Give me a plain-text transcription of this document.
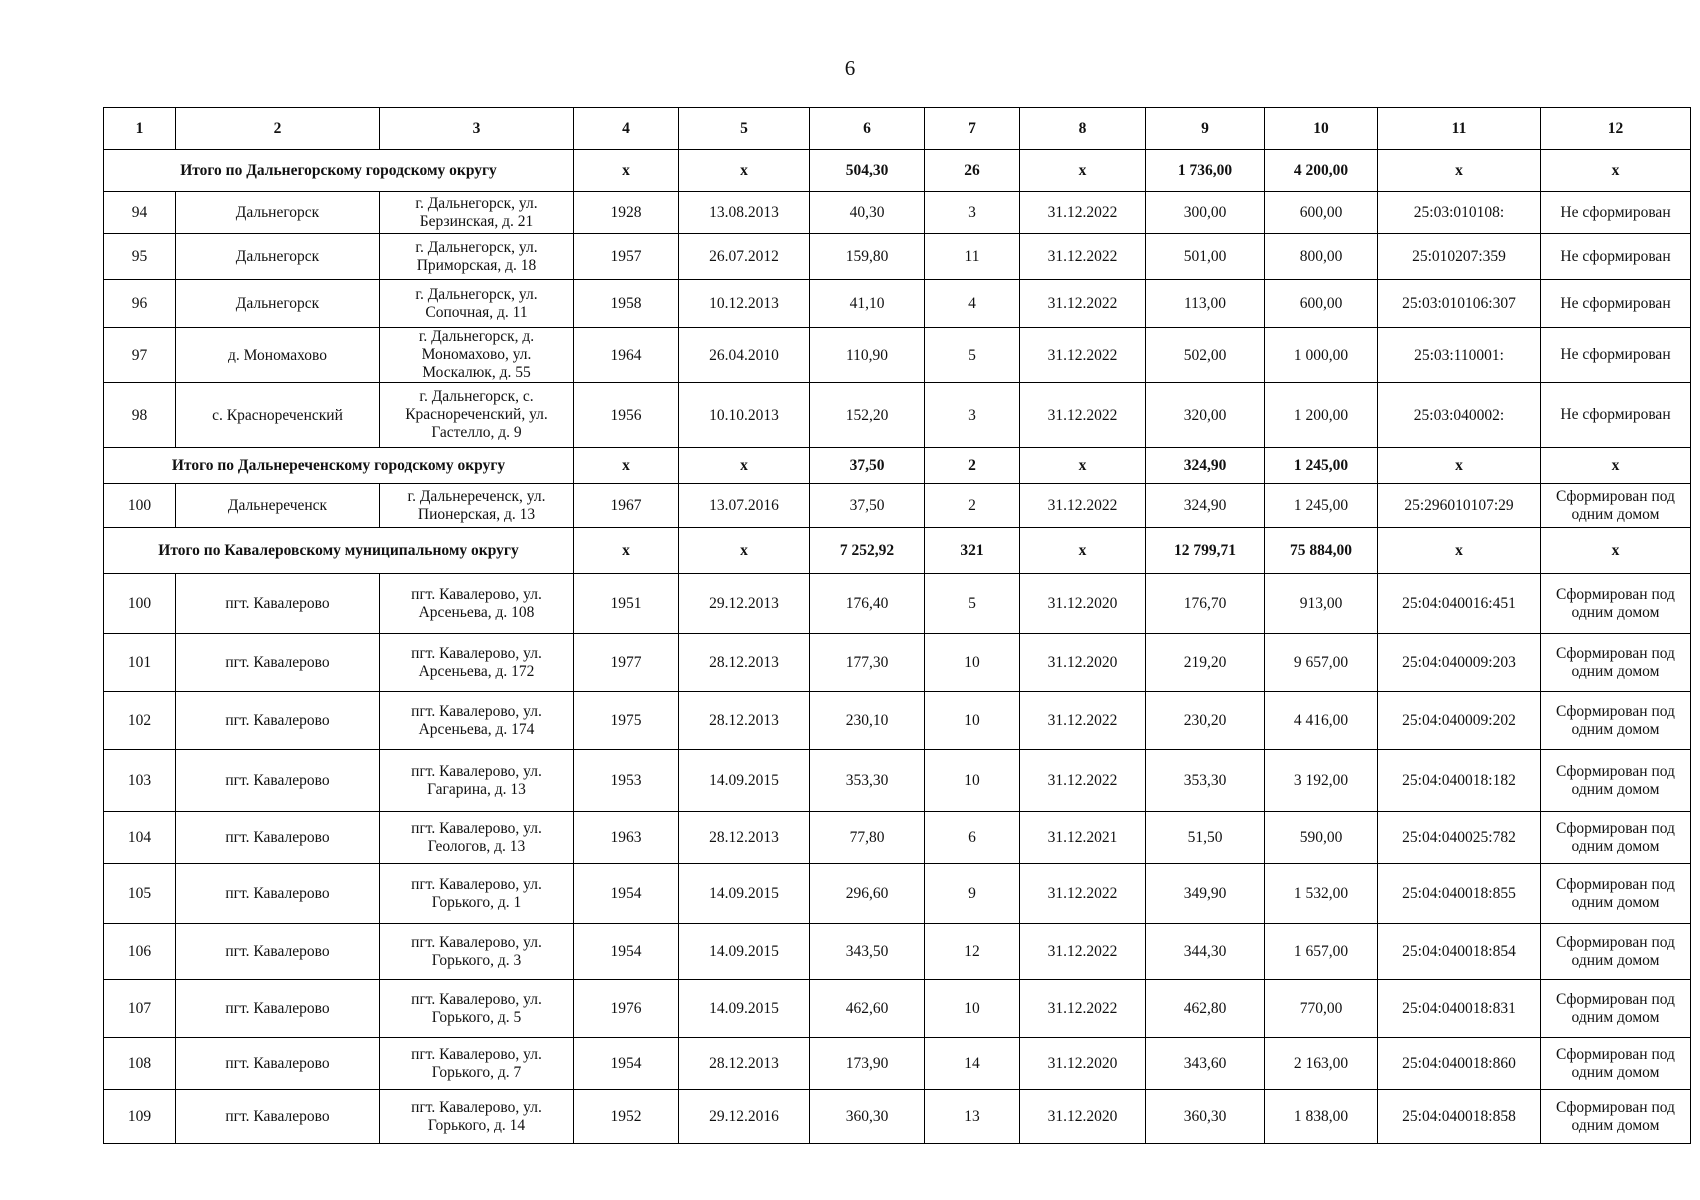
6
1	2	3	4	5	6	7	8	9	10	11	12
Итого по Дальнегорскому городскому округу			x	x	504,30	26	x	1 736,00	4 200,00	x	x
94	Дальнегорск	г. Дальнегорск, ул. Берзинская, д. 21	1928	13.08.2013	40,30	3	31.12.2022	300,00	600,00	25:03:010108:	Не сформирован
95	Дальнегорск	г. Дальнегорск, ул. Приморская, д. 18	1957	26.07.2012	159,80	11	31.12.2022	501,00	800,00	25:010207:359	Не сформирован
96	Дальнегорск	г. Дальнегорск, ул. Сопочная, д. 11	1958	10.12.2013	41,10	4	31.12.2022	113,00	600,00	25:03:010106:307	Не сформирован
97	д. Мономахово	г. Дальнегорск, д. Мономахово, ул. Москалюк, д. 55	1964	26.04.2010	110,90	5	31.12.2022	502,00	1 000,00	25:03:110001:	Не сформирован
98	с. Краснореченский	г. Дальнегорск, с. Краснореченский, ул. Гастелло, д. 9	1956	10.10.2013	152,20	3	31.12.2022	320,00	1 200,00	25:03:040002:	Не сформирован
Итого по Дальнереченскому городскому округу			x	x	37,50	2	x	324,90	1 245,00	x	x
100	Дальнереченск	г. Дальнереченск, ул. Пионерская, д. 13	1967	13.07.2016	37,50	2	31.12.2022	324,90	1 245,00	25:296010107:29	Сформирован под одним домом
Итого по Кавалеровскому муниципальному округу			x	x	7 252,92	321	x	12 799,71	75 884,00	x	x
100	пгт. Кавалерово	пгт. Кавалерово, ул. Арсеньева, д. 108	1951	29.12.2013	176,40	5	31.12.2020	176,70	913,00	25:04:040016:451	Сформирован под одним домом
101	пгт. Кавалерово	пгт. Кавалерово, ул. Арсеньева, д. 172	1977	28.12.2013	177,30	10	31.12.2020	219,20	9 657,00	25:04:040009:203	Сформирован под одним домом
102	пгт. Кавалерово	пгт. Кавалерово, ул. Арсеньева, д. 174	1975	28.12.2013	230,10	10	31.12.2022	230,20	4 416,00	25:04:040009:202	Сформирован под одним домом
103	пгт. Кавалерово	пгт. Кавалерово, ул. Гагарина, д. 13	1953	14.09.2015	353,30	10	31.12.2022	353,30	3 192,00	25:04:040018:182	Сформирован под одним домом
104	пгт. Кавалерово	пгт. Кавалерово, ул. Геологов, д. 13	1963	28.12.2013	77,80	6	31.12.2021	51,50	590,00	25:04:040025:782	Сформирован под одним домом
105	пгт. Кавалерово	пгт. Кавалерово, ул. Горького, д. 1	1954	14.09.2015	296,60	9	31.12.2022	349,90	1 532,00	25:04:040018:855	Сформирован под одним домом
106	пгт. Кавалерово	пгт. Кавалерово, ул. Горького, д. 3	1954	14.09.2015	343,50	12	31.12.2022	344,30	1 657,00	25:04:040018:854	Сформирован под одним домом
107	пгт. Кавалерово	пгт. Кавалерово, ул. Горького, д. 5	1976	14.09.2015	462,60	10	31.12.2022	462,80	770,00	25:04:040018:831	Сформирован под одним домом
108	пгт. Кавалерово	пгт. Кавалерово, ул. Горького, д. 7	1954	28.12.2013	173,90	14	31.12.2020	343,60	2 163,00	25:04:040018:860	Сформирован под одним домом
109	пгт. Кавалерово	пгт. Кавалерово, ул. Горького, д. 14	1952	29.12.2016	360,30	13	31.12.2020	360,30	1 838,00	25:04:040018:858	Сформирован под одним домом
